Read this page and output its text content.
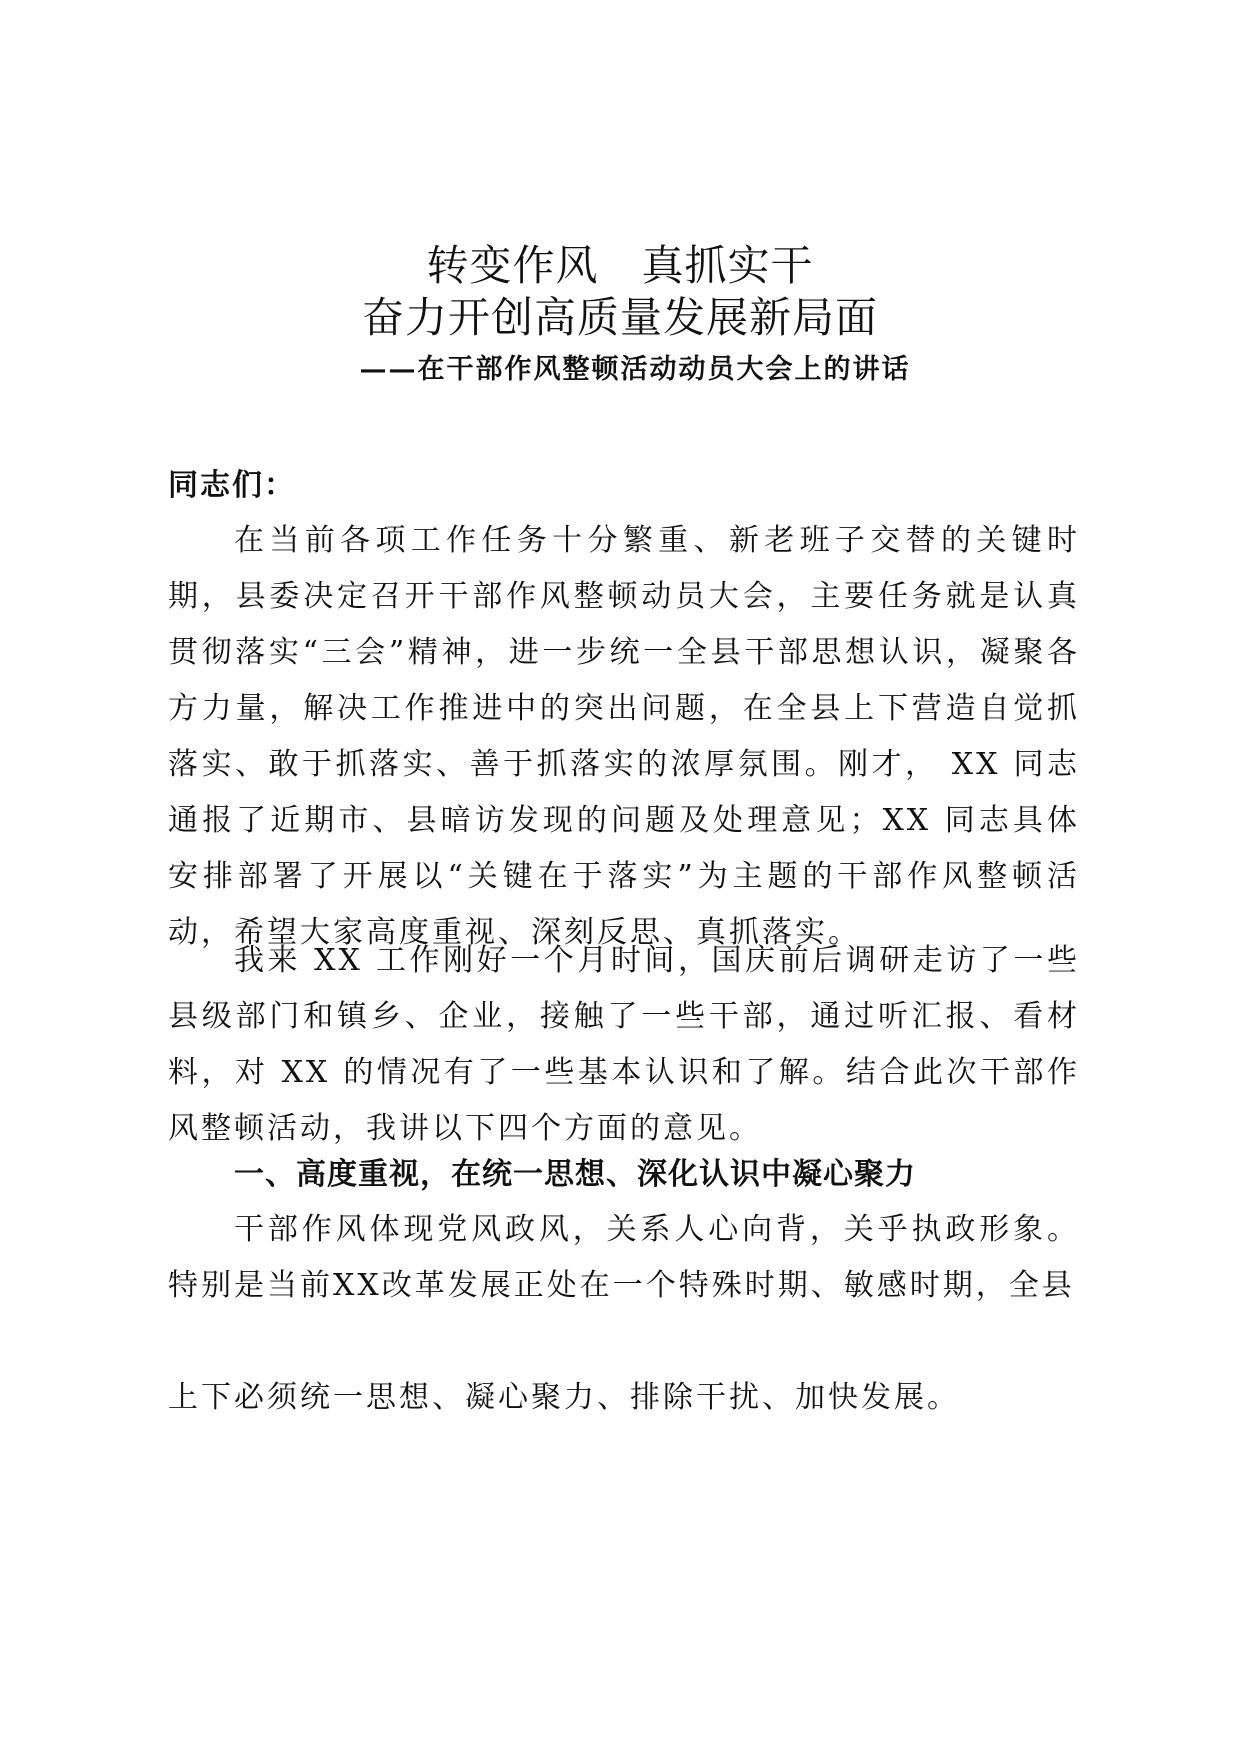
转变作风　真抓实干
奋力开创高质量发展新局面
——在干部作风整顿活动动员大会上的讲话

同志们：

在当前各项工作任务十分繁重、新老班子交替的关键时期，县委决定召开干部作风整顿动员大会，主要任务就是认真贯彻落实“三会”精神，进一步统一全县干部思想认识，凝聚各方力量，解决工作推进中的突出问题，在全县上下营造自觉抓落实、敢于抓落实、善于抓落实的浓厚氛围。刚才， XX 同志通报了近期市、县暗访发现的问题及处理意见；XX 同志具体安排部署了开展以“关键在于落实”为主题的干部作风整顿活动，希望大家高度重视、深刻反思、真抓落实。

我来 XX 工作刚好一个月时间，国庆前后调研走访了一些县级部门和镇乡、企业，接触了一些干部，通过听汇报、看材料，对 XX 的情况有了一些基本认识和了解。结合此次干部作风整顿活动，我讲以下四个方面的意见。

一、高度重视，在统一思想、深化认识中凝心聚力

干部作风体现党风政风，关系人心向背，关乎执政形象。特别是当前XX改革发展正处在一个特殊时期、敏感时期，全县

上下必须统一思想、凝心聚力、排除干扰、加快发展。
